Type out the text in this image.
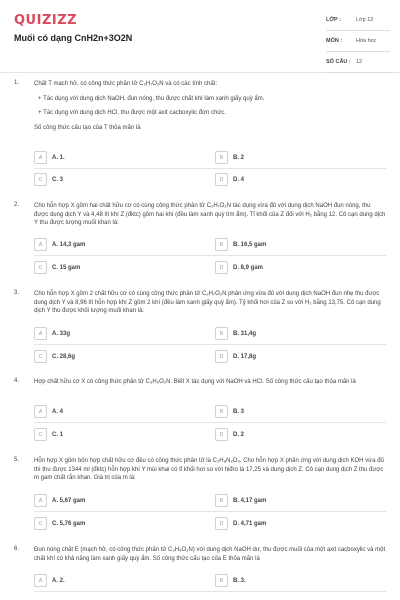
QUIZIZZ
Muối có dạng CnH2n+3O2N
LỚP :	Lớp 12
MÔN :	Hóa học
SỐ CÂU : 12
1. Chất T mạch hở, có công thức phân tử C₃H₇O₂N và có các tính chất:

+ Tác dụng với dung dịch NaOH, đun nóng, thu được chất khí làm xanh giấy quỳ ẩm.

+ Tác dụng với dung dịch HCl, thu được một axit cacboxylic đơn chức.

Số công thức cấu tạo của T thỏa mãn là

A	A. 1.	B	B. 2
C	C. 3	D	D. 4
2. Cho hỗn hợp X gồm hai chất hữu cơ có cùng công thức phân tử C₂H₇O₂N tác dụng vừa đủ với dung dịch NaOH đun nóng, thu được dung dịch Y và 4,48 lít khí Z (đktc) gồm hai khí (đều làm xanh quỳ tím ẩm). Tỉ khối của Z đối với H₂ bằng 12. Cô cạn dung dịch Y thu được lượng muối khan là:

A	A. 14,3 gam	B	B. 16,5 gam
C	C. 15 gam	D	D. 8,9 gam
3. Cho hỗn hợp X gồm 2 chất hữu cơ có cùng công thức phân tử C₂H₇O₂N phản ứng vừa đủ với dung dịch NaOH đun nhẹ thu được dung dịch Y và 8,96 lít hỗn hợp khí Z gồm 2 khí (đều làm xanh giấy quỳ ẩm). Tỷ khối hơi của Z so với H₂ bằng 13,75. Cô cạn dung dịch Y thu được khối lượng muối khan là:

A	A. 33g	B	B. 31,4g
C	C. 28,6g	D	D. 17,8g
4. Hợp chất hữu cơ X có công thức phân tử C₃H₉O₂N. Biết X tác dụng với NaOH và HCl. Số công thức cấu tạo thỏa mãn là

A	A. 4	B	B. 3
C	C. 1	D	D. 2
5. Hỗn hợp X gồm bốn hợp chất hữu cơ đều có công thức phân tử là C₂H₈N₂O₃. Cho hỗn hợp X phản ứng với dung dịch KOH vừa đủ thì thu được 1344 ml (đktc) hỗn hợp khí Y mùi khai có tỉ khối hơi so với hiđro là 17,25 và dung dịch Z. Cô cạn dung dịch Z thu được m gam chất rắn khan. Giá trị của m là:

A	A. 5,67 gam	B	B. 4,17 gam
C	C. 5,76 gam	D	D. 4,71 gam
6. Đun nóng chất E (mạch hở, có công thức phân tử C₃H₉O₂N) với dung dịch NaOH dư, thu được muối của một axit cacboxylic và một chất khí có khả năng làm xanh giấy quỳ ẩm. Số công thức cấu tạo của E thỏa mãn là

A	A. 2.	B	B. 3.
